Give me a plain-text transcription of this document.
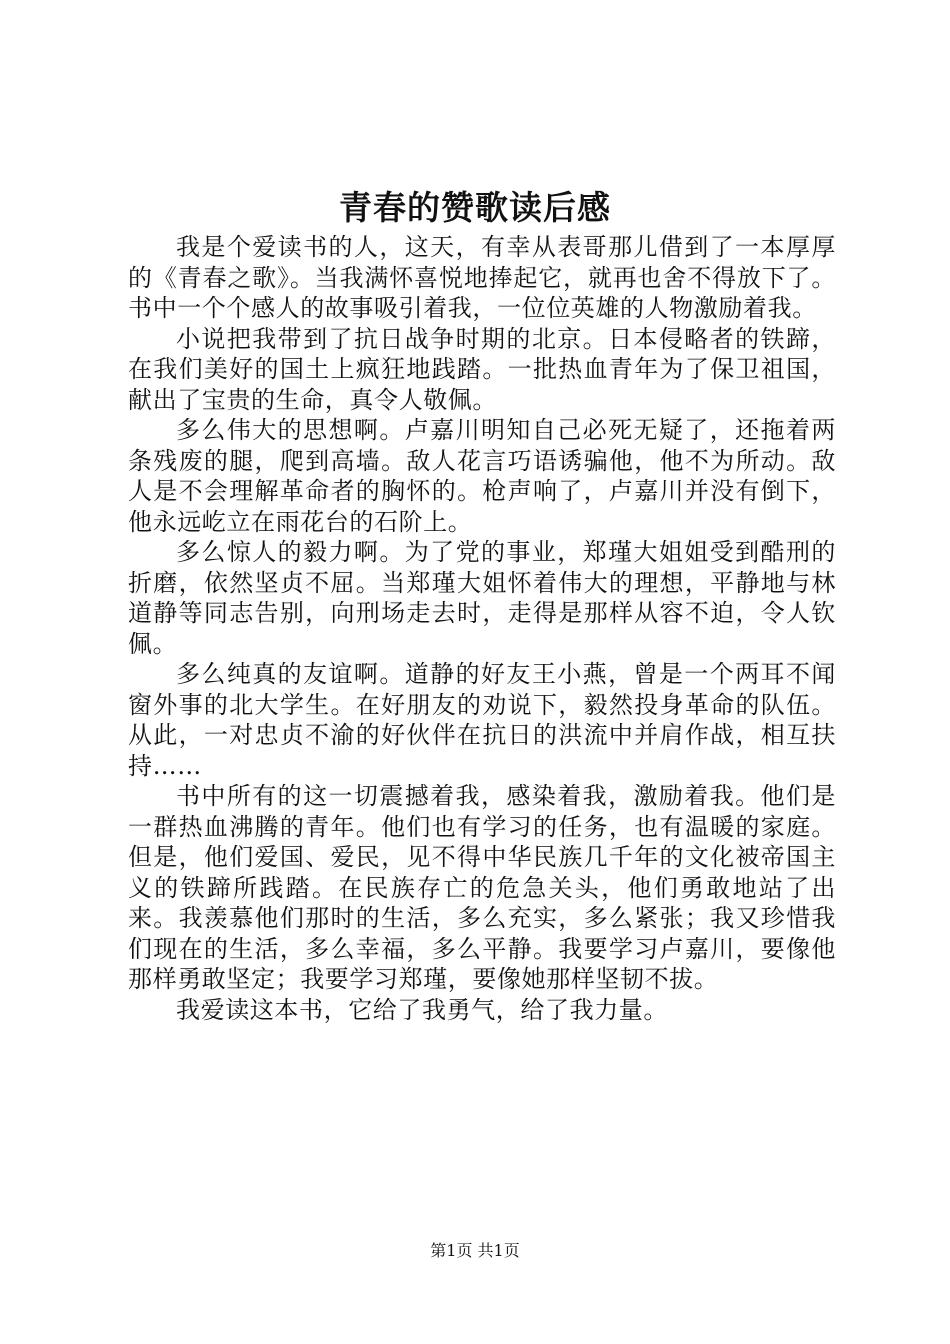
青春的赞歌读后感

我是个爱读书的人，这天，有幸从表哥那儿借到了一本厚厚的《青春之歌》。当我满怀喜悦地捧起它，就再也舍不得放下了。书中一个个感人的故事吸引着我，一位位英雄的人物激励着我。

小说把我带到了抗日战争时期的北京。日本侵略者的铁蹄，在我们美好的国土上疯狂地践踏。一批热血青年为了保卫祖国，献出了宝贵的生命，真令人敬佩。

多么伟大的思想啊。卢嘉川明知自己必死无疑了，还拖着两条残废的腿，爬到高墙。敌人花言巧语诱骗他，他不为所动。敌人是不会理解革命者的胸怀的。枪声响了，卢嘉川并没有倒下，他永远屹立在雨花台的石阶上。

多么惊人的毅力啊。为了党的事业，郑瑾大姐姐受到酷刑的折磨，依然坚贞不屈。当郑瑾大姐怀着伟大的理想，平静地与林道静等同志告别，向刑场走去时，走得是那样从容不迫，令人钦佩。

多么纯真的友谊啊。道静的好友王小燕，曾是一个两耳不闻窗外事的北大学生。在好朋友的劝说下，毅然投身革命的队伍。从此，一对忠贞不渝的好伙伴在抗日的洪流中并肩作战，相互扶持……

书中所有的这一切震撼着我，感染着我，激励着我。他们是一群热血沸腾的青年。他们也有学习的任务，也有温暖的家庭。但是，他们爱国、爱民，见不得中华民族几千年的文化被帝国主义的铁蹄所践踏。在民族存亡的危急关头，他们勇敢地站了出来。我羡慕他们那时的生活，多么充实，多么紧张；我又珍惜我们现在的生活，多么幸福，多么平静。我要学习卢嘉川，要像他那样勇敢坚定；我要学习郑瑾，要像她那样坚韧不拔。

我爱读这本书，它给了我勇气，给了我力量。

第1页 共1页
